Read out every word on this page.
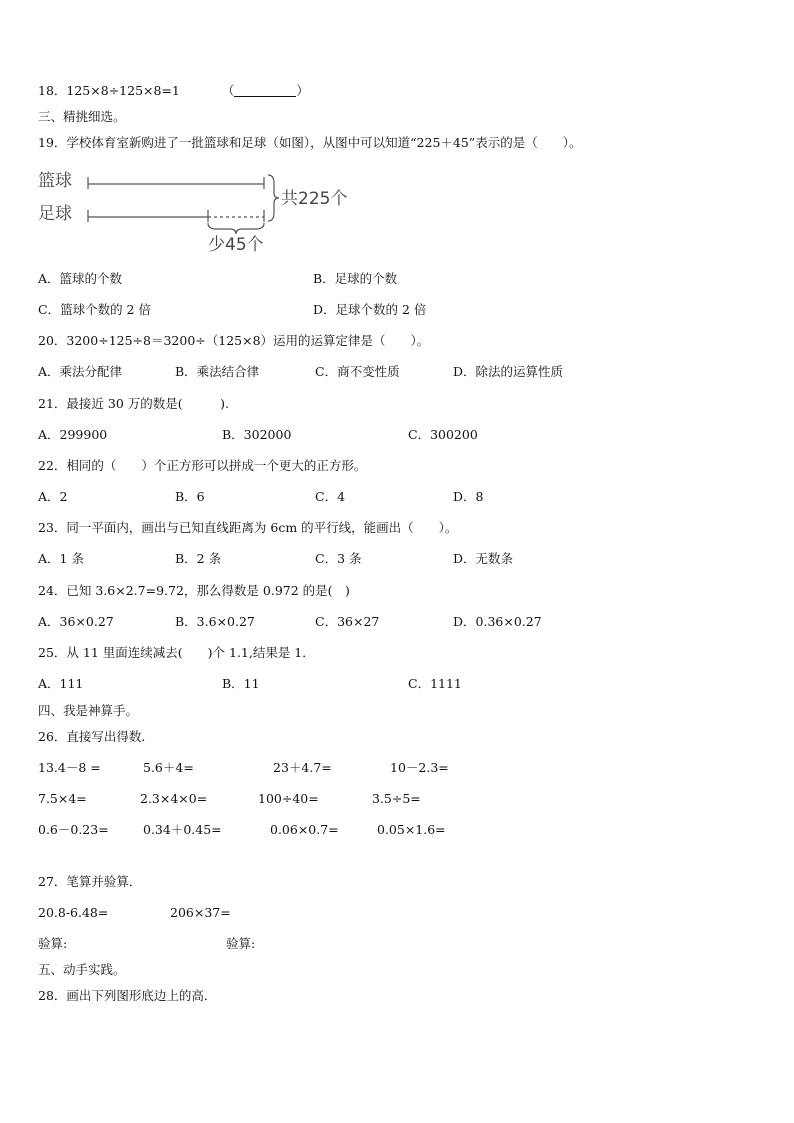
18．125×8÷125×8=1	（	）
三、精挑细选。
19．学校体育室新购进了一批篮球和足球（如图），从图中可以知道“225＋45”表示的是（　　）。
篮球
足球
共225个
少45个
A．篮球的个数	B．足球的个数
C．篮球个数的 2 倍	D．足球个数的 2 倍
20．3200÷125÷8＝3200÷（125×8）运用的运算定律是（　　）。
A．乘法分配律	B．乘法结合律	C．商不变性质	D．除法的运算性质
21．最接近 30 万的数是(　　　).
A．299900	B．302000	C．300200
22．相同的（　　）个正方形可以拼成一个更大的正方形。
A．2	B．6	C．4	D．8
23．同一平面内，画出与已知直线距离为 6cm 的平行线，能画出（　　）。
A．1 条	B．2 条	C．3 条	D．无数条
24．已知 3.6×2.7=9.72，那么得数是 0.972 的是(　)
A．36×0.27	B．3.6×0.27	C．36×27	D．0.36×0.27
25．从 11 里面连续减去(　　)个 1.1,结果是 1．
A．111	B．11	C．1111
四、我是神算手。
26．直接写出得数．
13.4－8 =	5.6＋4=	23＋4.7=	10－2.3=
7.5×4=	2.3×4×0=	100÷40=	3.5÷5=
0.6－0.23=	0.34＋0.45=	0.06×0.7=	0.05×1.6=
27．笔算并验算．
20.8-6.48=	206×37=
验算:	验算:
五、动手实践。
28．画出下列图形底边上的高．
